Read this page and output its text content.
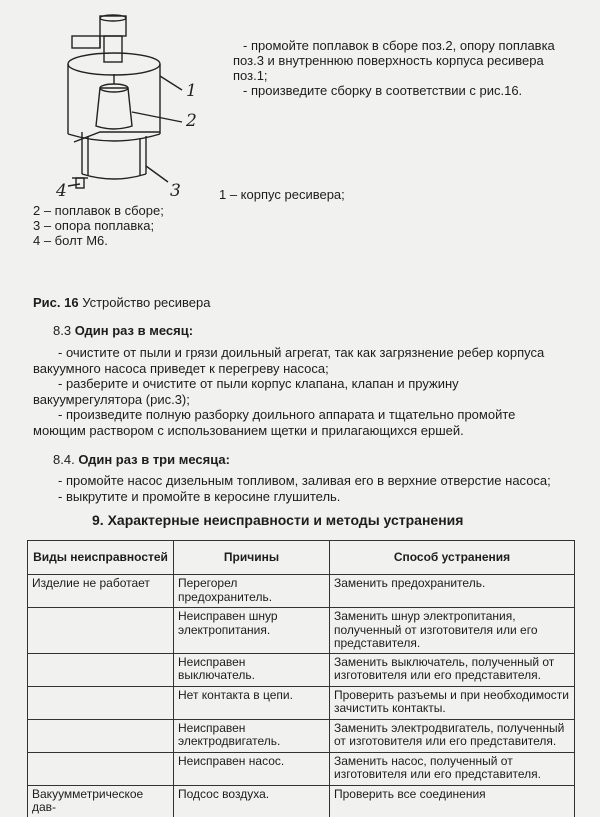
1
2
3
4

- промойте поплавок в сборе поз.2, опору поплавка поз.3 и внутреннюю поверхность корпуса ресивера поз.1;

- произведите сборку в соответствии с рис.16.

1 – корпус ресивера;
2 – поплавок в сборе;
3 – опора поплавка;
4 – болт М6.
Рис. 16 Устройство ресивера
8.3 Один раз в месяц:

- очистите от пыли и грязи доильный агрегат, так как загрязнение ребер корпуса вакуумного насоса приведет к перегреву насоса;

- разберите и очистите от пыли корпус клапана, клапан и пружину вакуумрегулятора (рис.3);

- произведите полную разборку доильного аппарата и тщательно промойте моющим раствором с использованием щетки и прилагающихся ершей.

8.4. Один раз в три месяца:

- промойте насос дизельным топливом, заливая его в верхние отверстие насоса;

- выкрутите и промойте в керосине глушитель.

9. Характерные неисправности и методы устранения
Виды неисправностей	Причины	Способ устранения
Изделие не работает	Перегорел предохранитель.	Заменить предохранитель.
	Неисправен шнур электропитания.	Заменить шнур электропитания, полученный от изготовителя или его представителя.
	Неисправен выключатель.	Заменить выключатель, полученный от изготовителя или его представителя.
	Нет контакта в цепи.	Проверить разъемы и при необходимости зачистить контакты.
	Неисправен электродвигатель.	Заменить электродвигатель, полученный от изготовителя или его представителя.
	Неисправен насос.	Заменить насос, полученный от изготовителя или его представителя.
Вакуумметрическое дав-	Подсос воздуха.	Проверить все соединения
